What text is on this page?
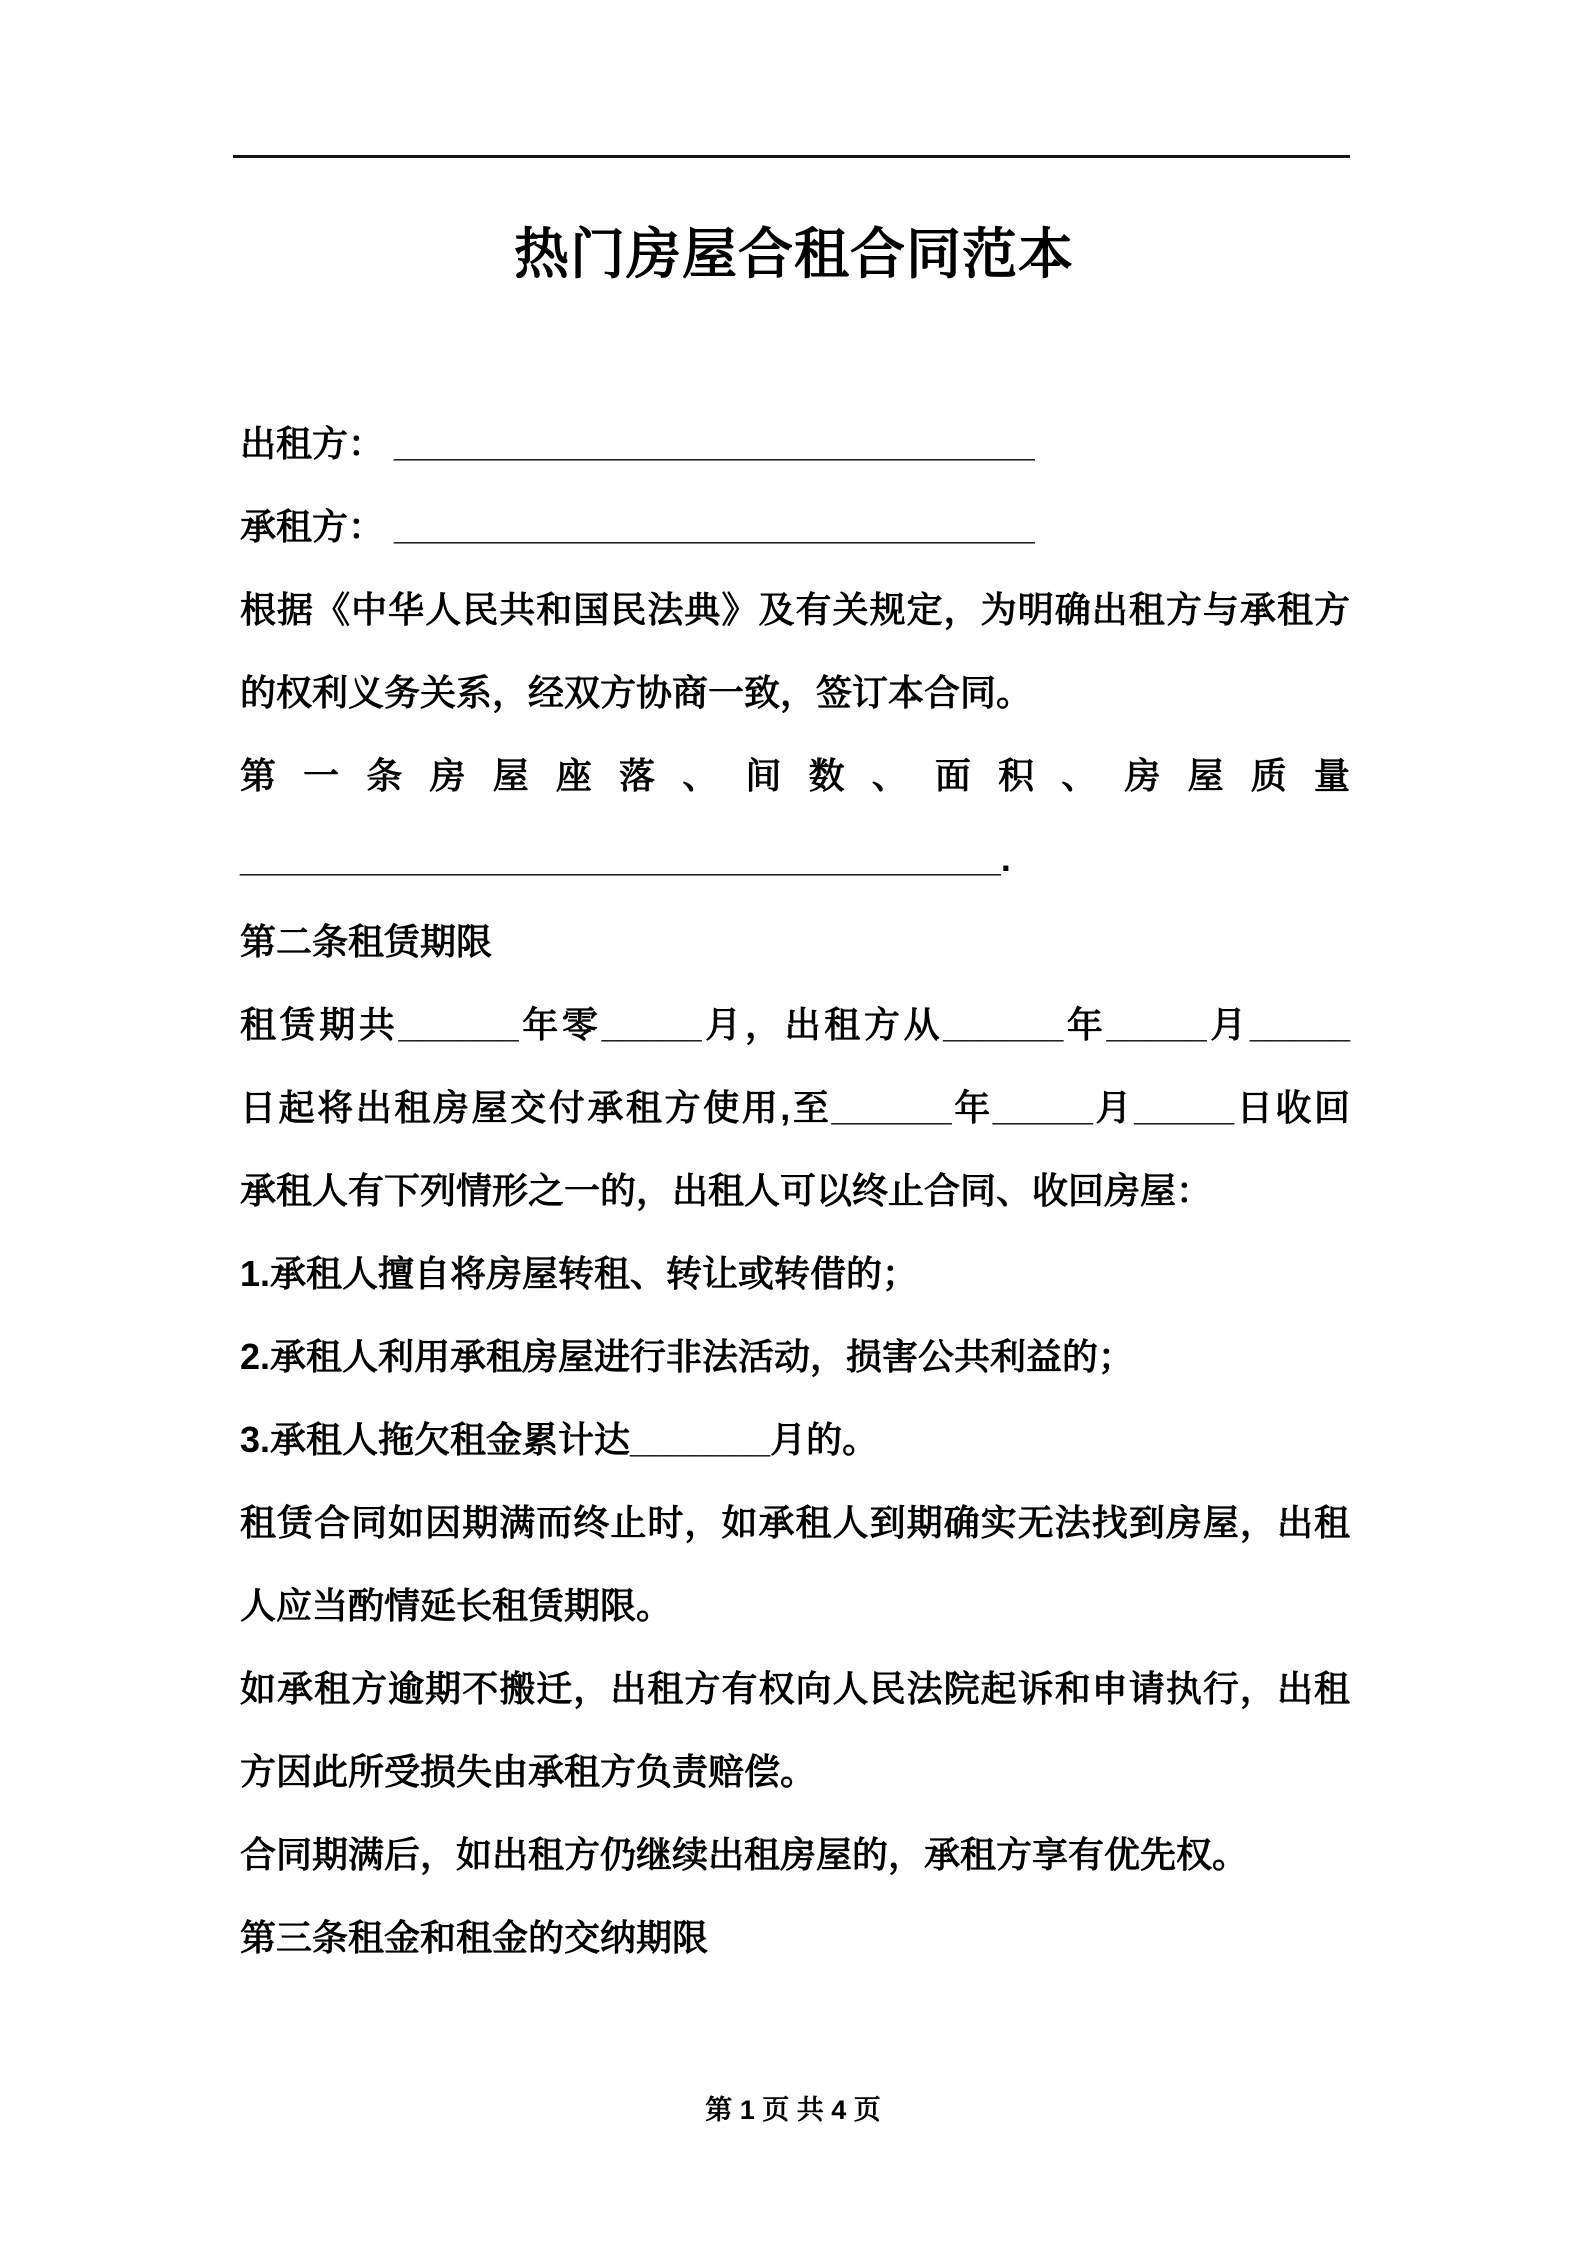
热门房屋合租合同范本
出租方： ________________________________
承租方： ________________________________
根据《中华人民共和国民法典》及有关规定，为明确出租方与承租方
的权利义务关系，经双方协商一致，签订本合同。
第 一 条 房 屋 座 落 、 间 数 、 面 积 、 房 屋 质 量
______________________________________.
第二条租赁期限
租赁期共______年零_____月，出租方从______年_____月_____
日起将出租房屋交付承租方使用,至______年_____月_____日收回
承租人有下列情形之一的，出租人可以终止合同、收回房屋：
1.承租人擅自将房屋转租、转让或转借的；
2.承租人利用承租房屋进行非法活动，损害公共利益的；
3.承租人拖欠租金累计达_______月的。
租赁合同如因期满而终止时，如承租人到期确实无法找到房屋，出租
人应当酌情延长租赁期限。
如承租方逾期不搬迁，出租方有权向人民法院起诉和申请执行，出租
方因此所受损失由承租方负责赔偿。
合同期满后，如出租方仍继续出租房屋的，承租方享有优先权。
第三条租金和租金的交纳期限
第 1 页 共 4 页
